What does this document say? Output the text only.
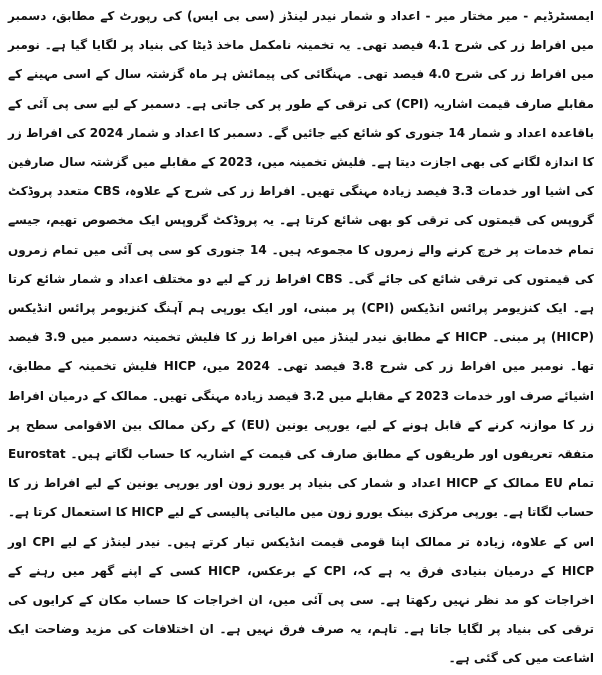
ایمسٹرڈیم - میر مختار میر - اعداد و شمار نیدر لینڈز (سی بی ایس) کی رپورٹ کے مطابق، دسمبر میں افراط زر کی شرح 4.1 فیصد تھی۔ یہ تخمینہ نامکمل ماخذ ڈیٹا کی بنیاد پر لگایا گیا ہے۔ نومبر میں افراط زر کی شرح 4.0 فیصد تھی۔ مہنگائی کی پیمائش ہر ماہ گزشتہ سال کے اسی مہینے کے مقابلے صارف قیمت اشاریہ (CPI) کی ترقی کے طور پر کی جاتی ہے۔ دسمبر کے لیے سی پی آئی کے باقاعدہ اعداد و شمار 14 جنوری کو شائع کیے جائیں گے۔ دسمبر کا اعداد و شمار 2024 کی افراط زر کا اندازہ لگانے کی بھی اجازت دیتا ہے۔ فلیش تخمینہ میں، 2023 کے مقابلے میں گزشتہ سال صارفین کی اشیا اور خدمات 3.3 فیصد زیادہ مہنگی تھیں۔ افراط زر کی شرح کے علاوہ، CBS متعدد پروڈکٹ گروپس کی قیمتوں کی ترقی کو بھی شائع کرتا ہے۔ یہ پروڈکٹ گروپس ایک مخصوص تھیم، جیسے تمام خدمات پر خرچ کرنے والے زمروں کا مجموعہ ہیں۔ 14 جنوری کو سی پی آئی میں تمام زمروں کی قیمتوں کی ترقی شائع کی جائے گی۔ CBS افراط زر کے لیے دو مختلف اعداد و شمار شائع کرتا ہے۔ ایک کنزیومر پرائس انڈیکس (CPI) پر مبنی، اور ایک یورپی ہم آہنگ کنزیومر پرائس انڈیکس (HICP) پر مبنی۔ HICP کے مطابق نیدر لینڈز میں افراط زر کا فلیش تخمینہ دسمبر میں 3.9 فیصد تھا۔ نومبر میں افراط زر کی شرح 3.8 فیصد تھی۔ 2024 میں، HICP فلیش تخمینہ کے مطابق، اشیائے صرف اور خدمات 2023 کے مقابلے میں 3.2 فیصد زیادہ مہنگی تھیں۔ ممالک کے درمیان افراط زر کا موازنہ کرنے کے قابل ہونے کے لیے، یورپی یونین (EU) کے رکن ممالک بین الاقوامی سطح پر متفقہ تعریفوں اور طریقوں کے مطابق صارف کی قیمت کے اشاریہ کا حساب لگاتے ہیں۔ Eurostat تمام EU ممالک کے HICP اعداد و شمار کی بنیاد پر یورو زون اور یورپی یونین کے لیے افراط زر کا حساب لگاتا ہے۔ یورپی مرکزی بینک یورو زون میں مالیاتی پالیسی کے لیے HICP کا استعمال کرتا ہے۔ اس کے علاوہ، زیادہ تر ممالک اپنا قومی قیمت انڈیکس تیار کرتے ہیں۔ نیدر لینڈز کے لیے CPI اور HICP کے درمیان بنیادی فرق یہ ہے کہ، CPI کے برعکس، HICP کسی کے اپنے گھر میں رہنے کے اخراجات کو مد نظر نہیں رکھتا ہے۔ سی پی آئی میں، ان اخراجات کا حساب مکان کے کرایوں کی ترقی کی بنیاد پر لگایا جاتا ہے۔ تاہم، یہ صرف فرق نہیں ہے۔ ان اختلافات کی مزید وضاحت ایک اشاعت میں کی گئی ہے۔
